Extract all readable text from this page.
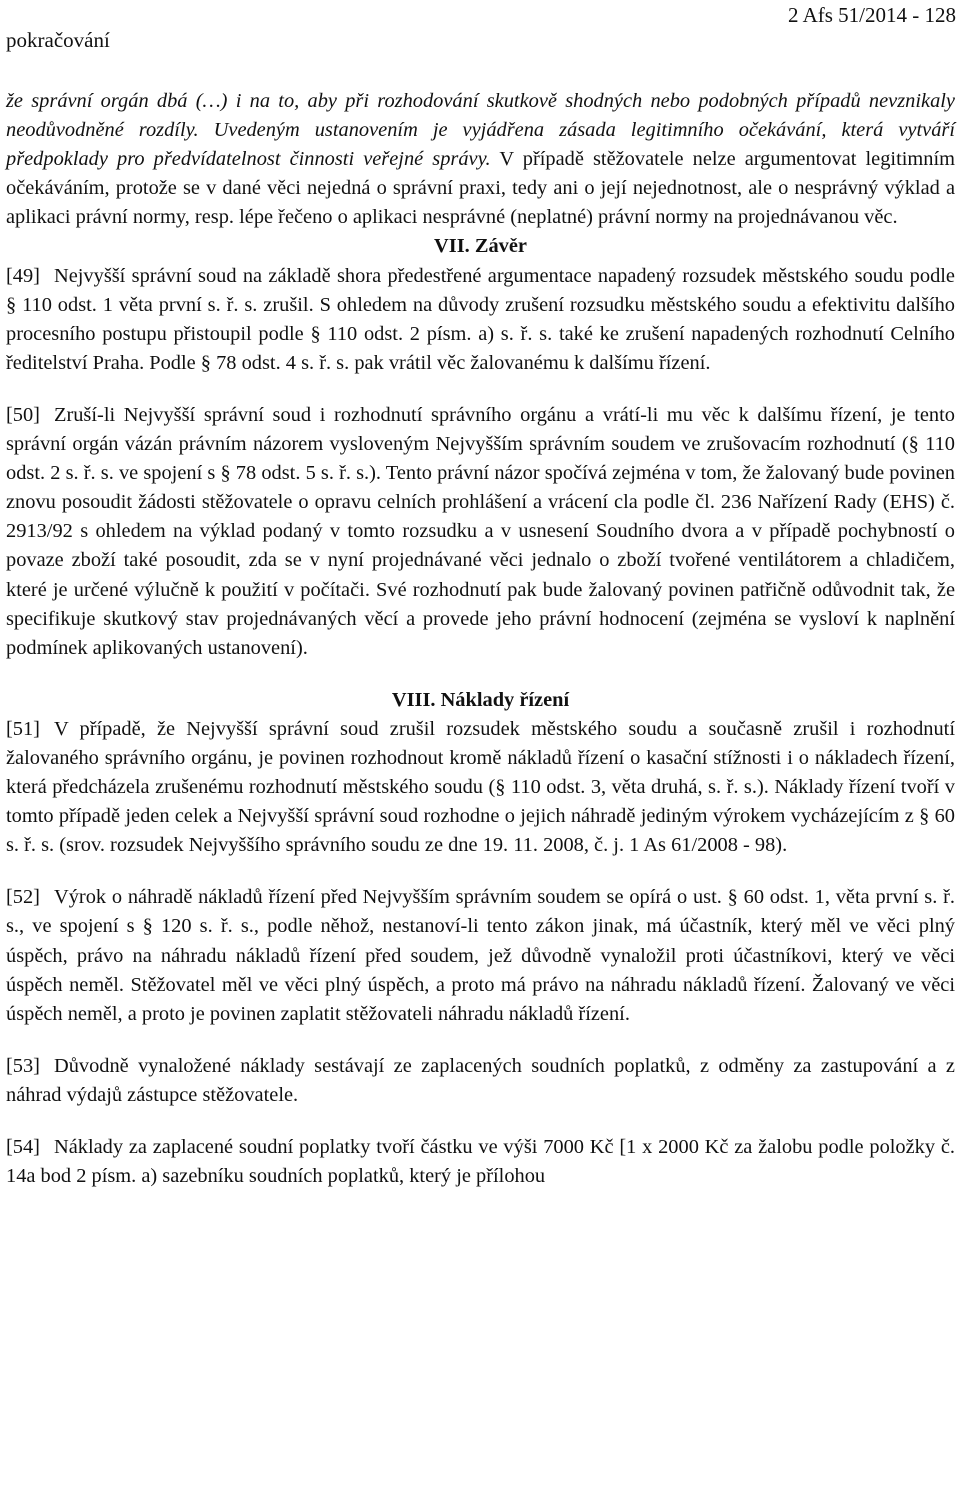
pokračování
2 Afs 51/2014 - 128

že správní orgán dbá (…) i na to, aby při rozhodování skutkově shodných nebo podobných případů nevznikaly neodůvodněné rozdíly. Uvedeným ustanovením je vyjádřena zásada legitimního očekávání, která vytváří předpoklady pro předvídatelnost činnosti veřejné správy. V případě stěžovatele nelze argumentovat legitimním očekáváním, protože se v dané věci nejedná o správní praxi, tedy ani o její nejednotnost, ale o nesprávný výklad a aplikaci právní normy, resp. lépe řečeno o aplikaci nesprávné (neplatné) právní normy na projednávanou věc.

VII. Závěr

[49] Nejvyšší správní soud na základě shora předestřené argumentace napadený rozsudek městského soudu podle § 110 odst. 1 věta první s. ř. s. zrušil. S ohledem na důvody zrušení rozsudku městského soudu a efektivitu dalšího procesního postupu přistoupil podle § 110 odst. 2 písm. a) s. ř. s. také ke zrušení napadených rozhodnutí Celního ředitelství Praha. Podle § 78 odst. 4 s. ř. s. pak vrátil věc žalovanému k dalšímu řízení.

[50] Zruší-li Nejvyšší správní soud i rozhodnutí správního orgánu a vrátí-li mu věc k dalšímu řízení, je tento správní orgán vázán právním názorem vysloveným Nejvyšším správním soudem ve zrušovacím rozhodnutí (§ 110 odst. 2 s. ř. s. ve spojení s § 78 odst. 5 s. ř. s.). Tento právní názor spočívá zejména v tom, že žalovaný bude povinen znovu posoudit žádosti stěžovatele o opravu celních prohlášení a vrácení cla podle čl. 236 Nařízení Rady (EHS) č. 2913/92 s ohledem na výklad podaný v tomto rozsudku a v usnesení Soudního dvora a v případě pochybností o povaze zboží také posoudit, zda se v nyní projednávané věci jednalo o zboží tvořené ventilátorem a chladičem, které je určené výlučně k použití v počítači. Své rozhodnutí pak bude žalovaný povinen patřičně odůvodnit tak, že specifikuje skutkový stav projednávaných věcí a provede jeho právní hodnocení (zejména se vysloví k naplnění podmínek aplikovaných ustanovení).

VIII. Náklady řízení

[51] V případě, že Nejvyšší správní soud zrušil rozsudek městského soudu a současně zrušil i rozhodnutí žalovaného správního orgánu, je povinen rozhodnout kromě nákladů řízení o kasační stížnosti i o nákladech řízení, která předcházela zrušenému rozhodnutí městského soudu (§ 110 odst. 3, věta druhá, s. ř. s.). Náklady řízení tvoří v tomto případě jeden celek a Nejvyšší správní soud rozhodne o jejich náhradě jediným výrokem vycházejícím z § 60 s. ř. s. (srov. rozsudek Nejvyššího správního soudu ze dne 19. 11. 2008, č. j. 1 As 61/2008 - 98).

[52] Výrok o náhradě nákladů řízení před Nejvyšším správním soudem se opírá o ust. § 60 odst. 1, věta první s. ř. s., ve spojení s § 120 s. ř. s., podle něhož, nestanoví-li tento zákon jinak, má účastník, který měl ve věci plný úspěch, právo na náhradu nákladů řízení před soudem, jež důvodně vynaložil proti účastníkovi, který ve věci úspěch neměl. Stěžovatel měl ve věci plný úspěch, a proto má právo na náhradu nákladů řízení. Žalovaný ve věci úspěch neměl, a proto je povinen zaplatit stěžovateli náhradu nákladů řízení.

[53] Důvodně vynaložené náklady sestávají ze zaplacených soudních poplatků, z odměny za zastupování a z náhrad výdajů zástupce stěžovatele.

[54] Náklady za zaplacené soudní poplatky tvoří částku ve výši 7000 Kč [1 x 2000 Kč za žalobu podle položky č. 14a bod 2 písm. a) sazebníku soudních poplatků, který je přílohou
